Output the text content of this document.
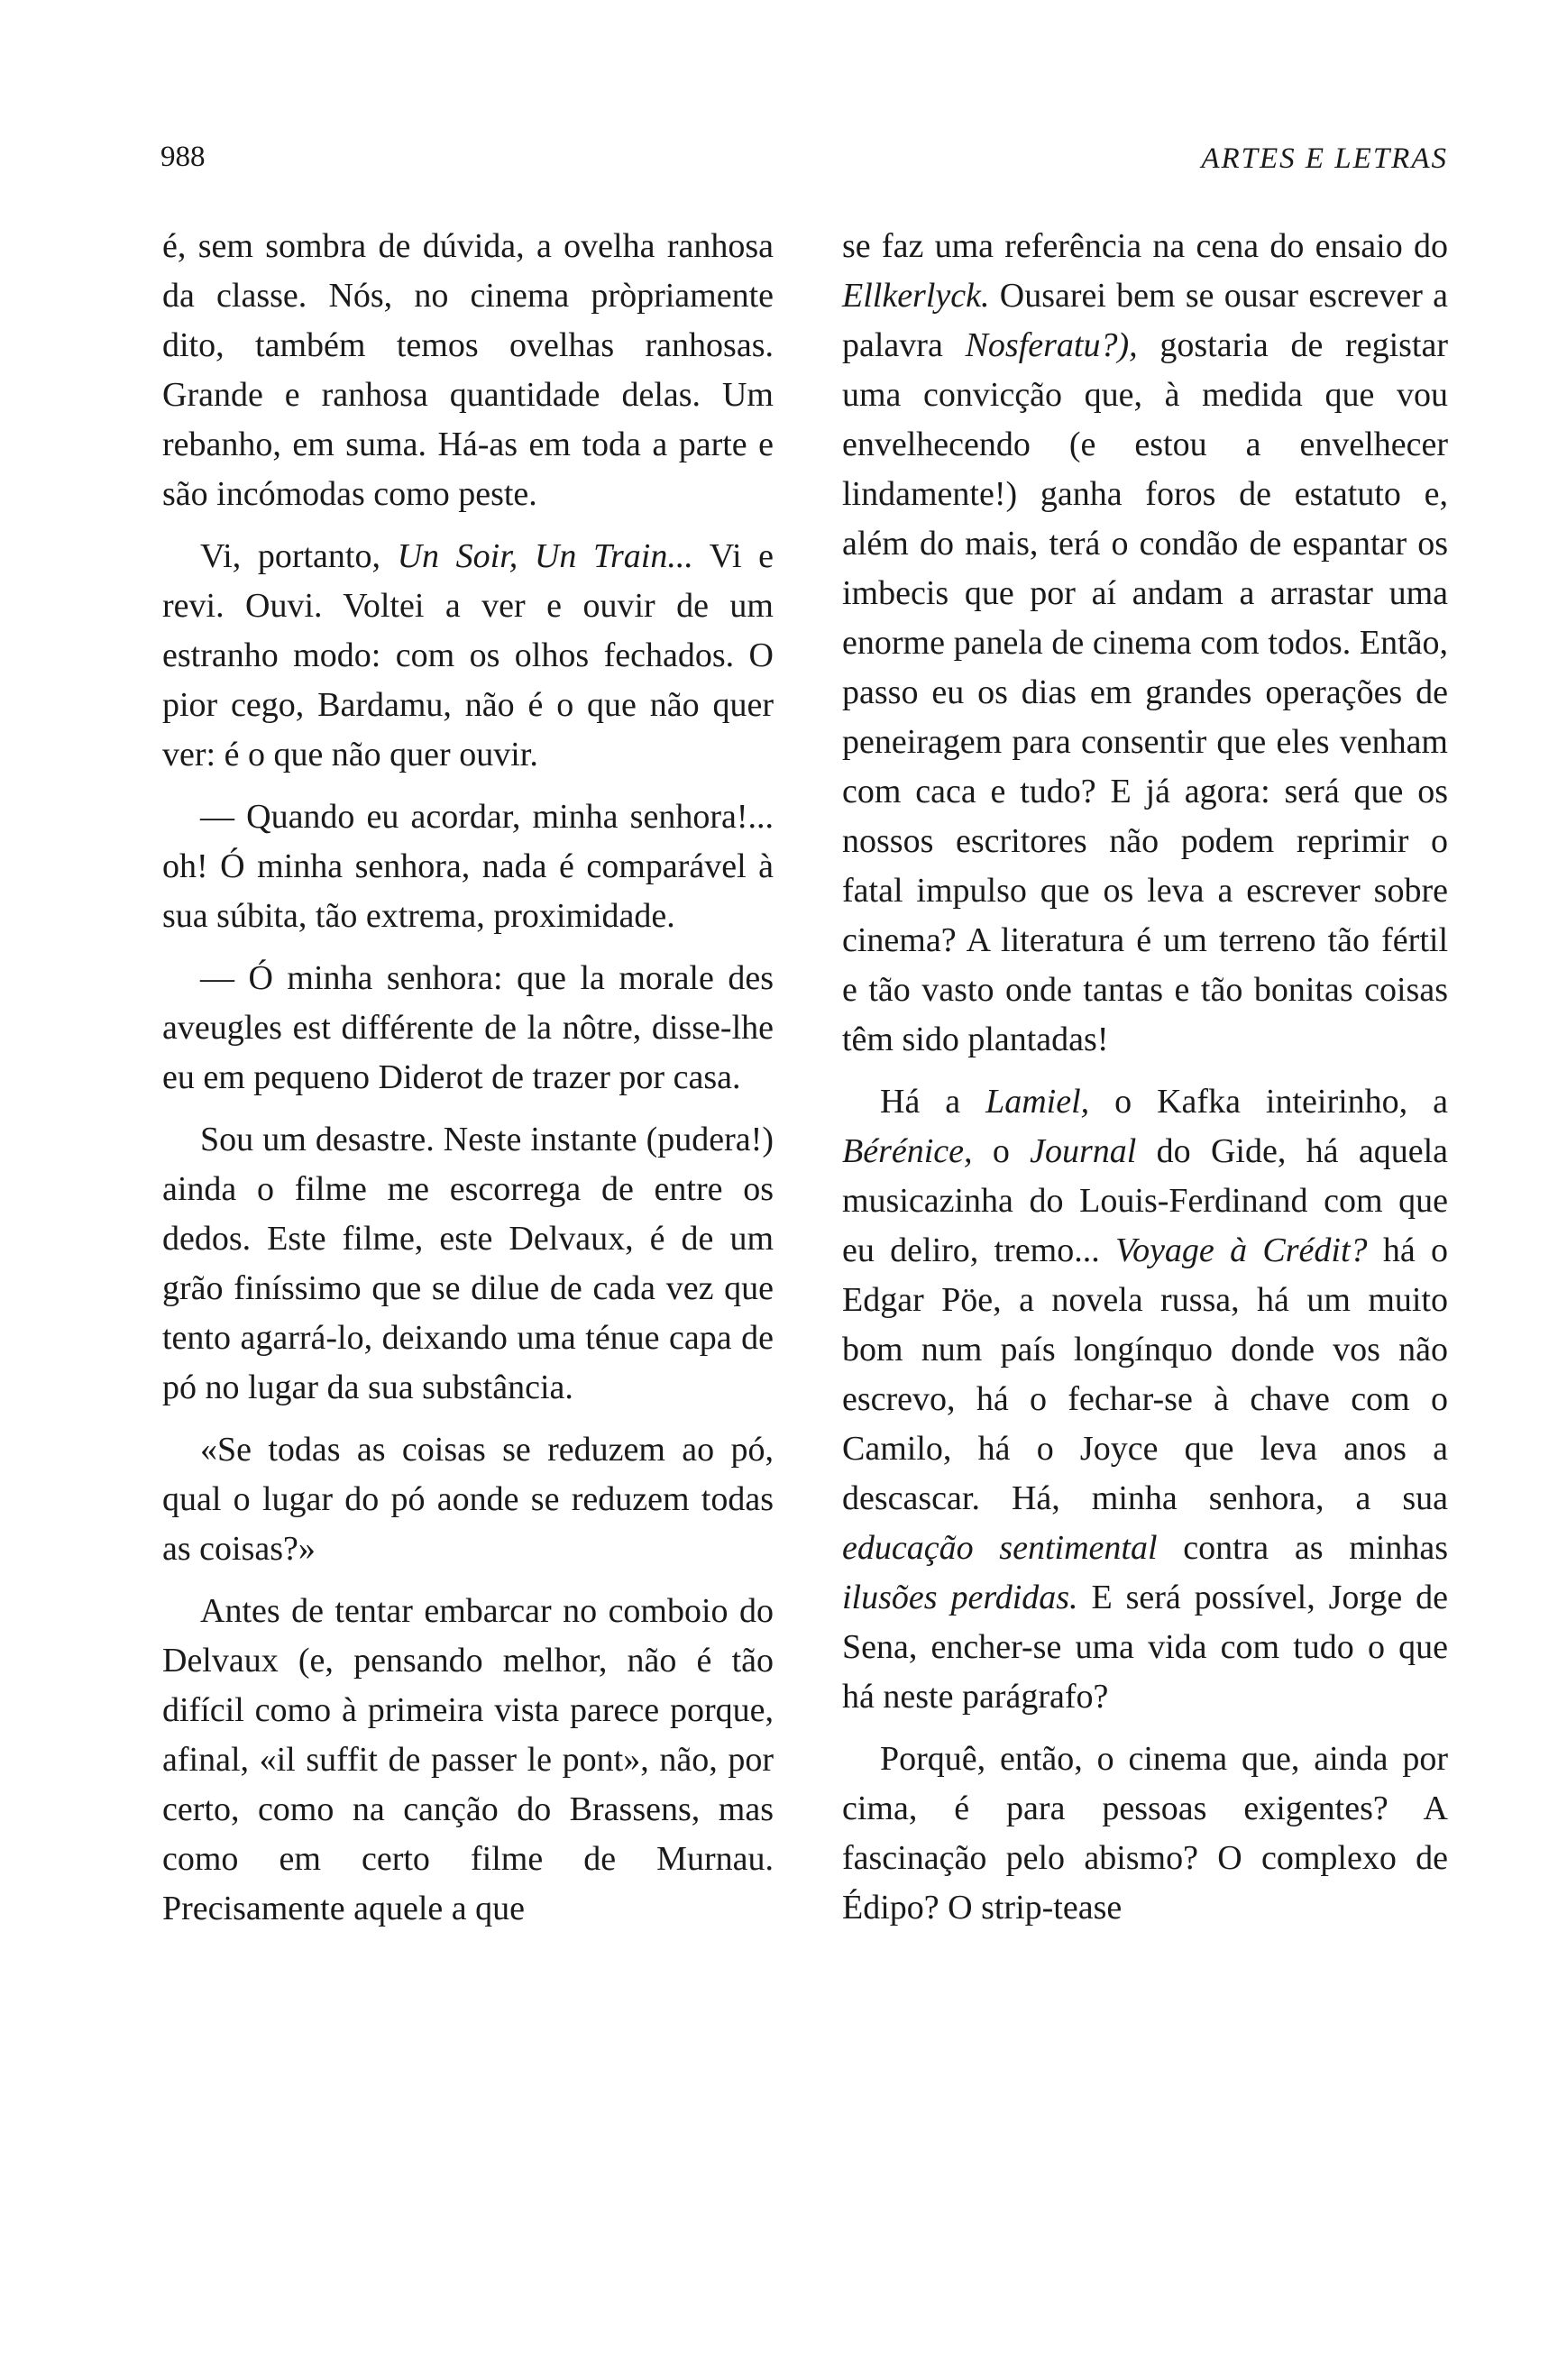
988	ARTES E LETRAS

é, sem sombra de dúvida, a ovelha ranhosa da classe. Nós, no cinema pròpriamente dito, também temos ovelhas ranhosas. Grande e ranhosa quantidade delas. Um rebanho, em suma. Há-as em toda a parte e são incómodas como peste.

Vi, portanto, Un Soir, Un Train... Vi e revi. Ouvi. Voltei a ver e ouvir de um estranho modo: com os olhos fechados. O pior cego, Bardamu, não é o que não quer ver: é o que não quer ouvir.

— Quando eu acordar, minha senhora!... oh! Ó minha senhora, nada é comparável à sua súbita, tão extrema, proximidade.

— Ó minha senhora: que la morale des aveugles est différente de la nôtre, disse-lhe eu em pequeno Diderot de trazer por casa.

Sou um desastre. Neste instante (pudera!) ainda o filme me escorrega de entre os dedos. Este filme, este Delvaux, é de um grão finíssimo que se dilue de cada vez que tento agarrá-lo, deixando uma ténue capa de pó no lugar da sua substância.

«Se todas as coisas se reduzem ao pó, qual o lugar do pó aonde se reduzem todas as coisas?»

Antes de tentar embarcar no comboio do Delvaux (e, pensando melhor, não é tão difícil como à primeira vista parece porque, afinal, «il suffit de passer le pont», não, por certo, como na canção do Brassens, mas como em certo filme de Murnau. Precisamente aquele a que

se faz uma referência na cena do ensaio do Ellkerlyck. Ousarei bem se ousar escrever a palavra Nosferatu?), gostaria de registar uma convicção que, à medida que vou envelhecendo (e estou a envelhecer lindamente!) ganha foros de estatuto e, além do mais, terá o condão de espantar os imbecis que por aí andam a arrastar uma enorme panela de cinema com todos. Então, passo eu os dias em grandes operações de peneiragem para consentir que eles venham com caca e tudo? E já agora: será que os nossos escritores não podem reprimir o fatal impulso que os leva a escrever sobre cinema? A literatura é um terreno tão fértil e tão vasto onde tantas e tão bonitas coisas têm sido plantadas!

Há a Lamiel, o Kafka inteirinho, a Bérénice, o Journal do Gide, há aquela musicazinha do Louis-Ferdinand com que eu deliro, tremo... Voyage à Crédit? há o Edgar Pöe, a novela russa, há um muito bom num país longínquo donde vos não escrevo, há o fechar-se à chave com o Camilo, há o Joyce que leva anos a descascar. Há, minha senhora, a sua educação sentimental contra as minhas ilusões perdidas. E será possível, Jorge de Sena, encher-se uma vida com tudo o que há neste parágrafo?

Porquê, então, o cinema que, ainda por cima, é para pessoas exigentes? A fascinação pelo abismo? O complexo de Édipo? O strip-tease
